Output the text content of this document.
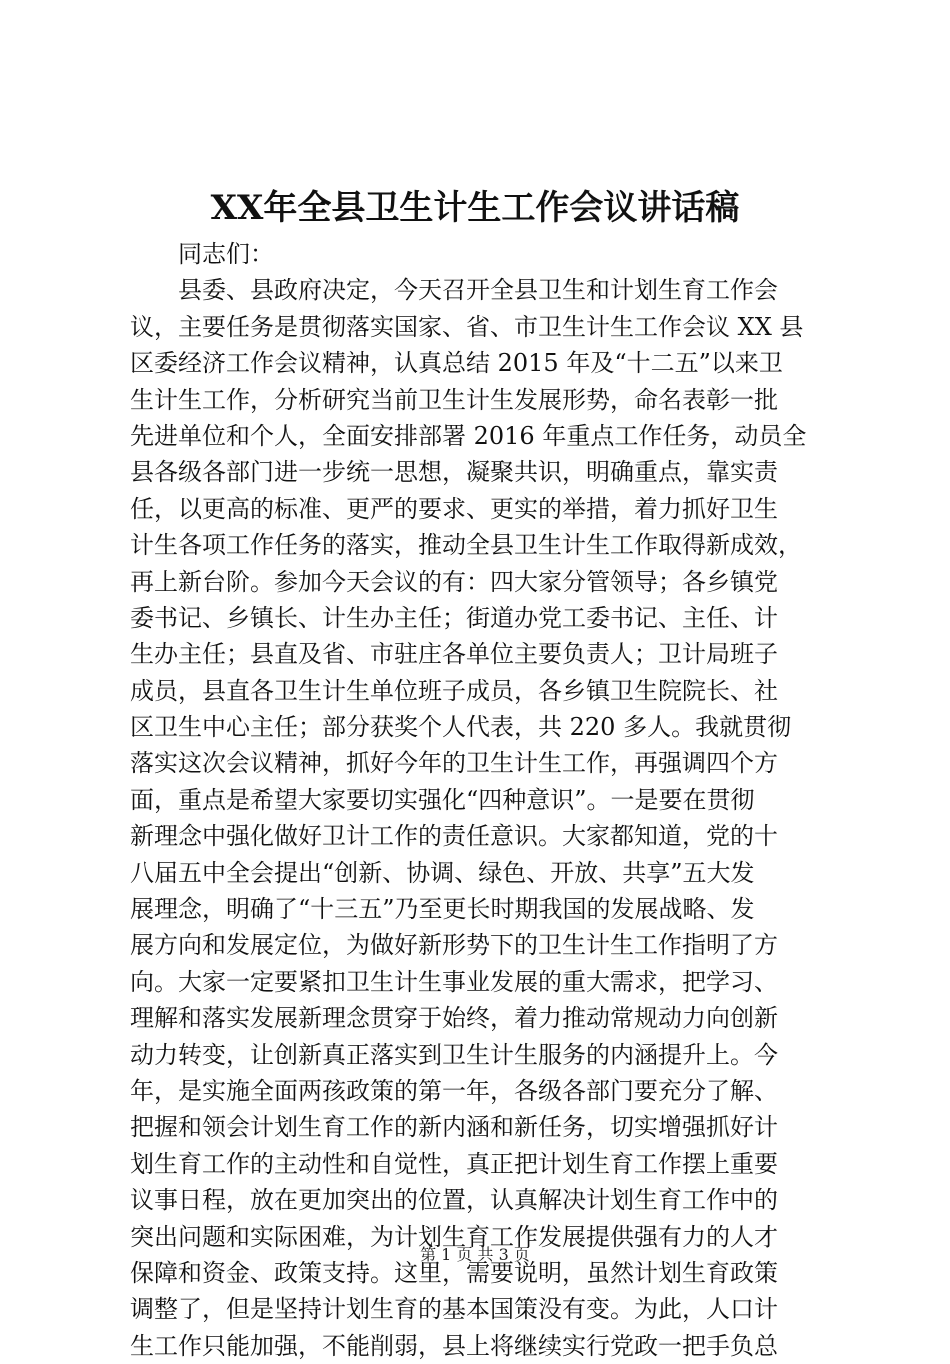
XX年全县卫生计生工作会议讲话稿
同志们：
县委、县政府决定，今天召开全县卫生和计划生育工作会
议，主要任务是贯彻落实国家、省、市卫生计生工作会议 XX 县
区委经济工作会议精神，认真总结 2015 年及“十二五”以来卫
生计生工作，分析研究当前卫生计生发展形势，命名表彰一批
先进单位和个人，全面安排部署 2016 年重点工作任务，动员全
县各级各部门进一步统一思想，凝聚共识，明确重点，靠实责
任，以更高的标准、更严的要求、更实的举措，着力抓好卫生
计生各项工作任务的落实，推动全县卫生计生工作取得新成效，
再上新台阶。参加今天会议的有：四大家分管领导；各乡镇党
委书记、乡镇长、计生办主任；街道办党工委书记、主任、计
生办主任；县直及省、市驻庄各单位主要负责人；卫计局班子
成员，县直各卫生计生单位班子成员，各乡镇卫生院院长、社
区卫生中心主任；部分获奖个人代表，共 220 多人。我就贯彻
落实这次会议精神，抓好今年的卫生计生工作，再强调四个方
面，重点是希望大家要切实强化“四种意识”。一是要在贯彻
新理念中强化做好卫计工作的责任意识。大家都知道，党的十
八届五中全会提出“创新、协调、绿色、开放、共享”五大发
展理念，明确了“十三五”乃至更长时期我国的发展战略、发
展方向和发展定位，为做好新形势下的卫生计生工作指明了方
向。大家一定要紧扣卫生计生事业发展的重大需求，把学习、
理解和落实发展新理念贯穿于始终，着力推动常规动力向创新
动力转变，让创新真正落实到卫生计生服务的内涵提升上。今
年，是实施全面两孩政策的第一年，各级各部门要充分了解、
把握和领会计划生育工作的新内涵和新任务，切实增强抓好计
划生育工作的主动性和自觉性，真正把计划生育工作摆上重要
议事日程，放在更加突出的位置，认真解决计划生育工作中的
突出问题和实际困难，为计划生育工作发展提供强有力的人才
保障和资金、政策支持。这里，需要说明，虽然计划生育政策
调整了，但是坚持计划生育的基本国策没有变。为此，人口计
生工作只能加强，不能削弱，县上将继续实行党政一把手负总
第 1 页 共 3 页
